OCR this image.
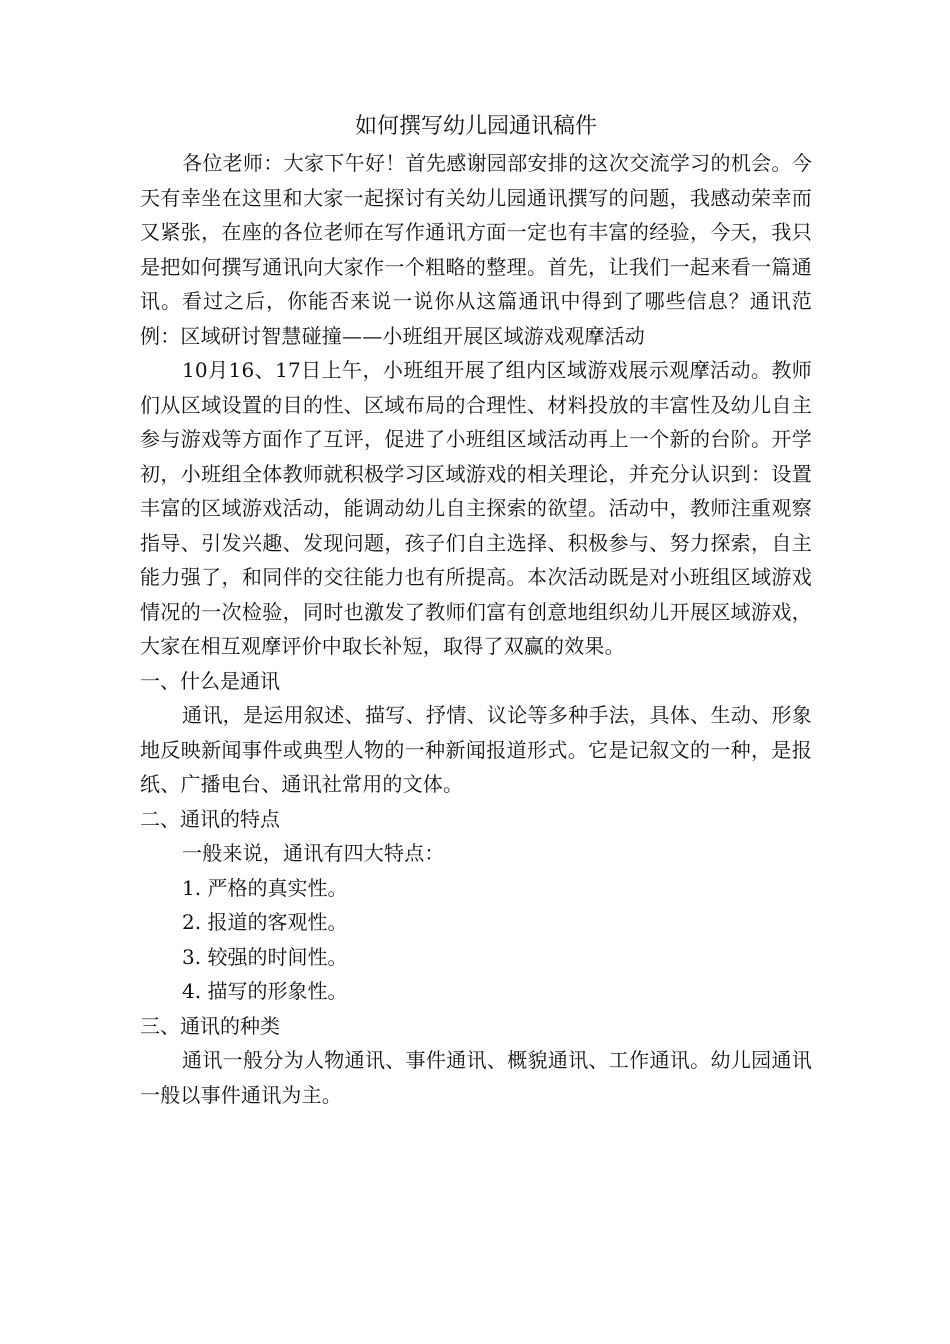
如何撰写幼儿园通讯稿件

各位老师：大家下午好！首先感谢园部安排的这次交流学习的机会。今天有幸坐在这里和大家一起探讨有关幼儿园通讯撰写的问题，我感动荣幸而又紧张，在座的各位老师在写作通讯方面一定也有丰富的经验，今天，我只是把如何撰写通讯向大家作一个粗略的整理。首先，让我们一起来看一篇通讯。看过之后，你能否来说一说你从这篇通讯中得到了哪些信息？通讯范例：区域研讨智慧碰撞——小班组开展区域游戏观摩活动

10月16、17日上午，小班组开展了组内区域游戏展示观摩活动。教师们从区域设置的目的性、区域布局的合理性、材料投放的丰富性及幼儿自主参与游戏等方面作了互评，促进了小班组区域活动再上一个新的台阶。开学初，小班组全体教师就积极学习区域游戏的相关理论，并充分认识到：设置丰富的区域游戏活动，能调动幼儿自主探索的欲望。活动中，教师注重观察指导、引发兴趣、发现问题，孩子们自主选择、积极参与、努力探索，自主能力强了，和同伴的交往能力也有所提高。本次活动既是对小班组区域游戏情况的一次检验，同时也激发了教师们富有创意地组织幼儿开展区域游戏，大家在相互观摩评价中取长补短，取得了双赢的效果。

一、什么是通讯

通讯，是运用叙述、描写、抒情、议论等多种手法，具体、生动、形象地反映新闻事件或典型人物的一种新闻报道形式。它是记叙文的一种，是报纸、广播电台、通讯社常用的文体。

二、通讯的特点

一般来说，通讯有四大特点：

1. 严格的真实性。
2. 报道的客观性。
3. 较强的时间性。
4. 描写的形象性。

三、通讯的种类

通讯一般分为人物通讯、事件通讯、概貌通讯、工作通讯。幼儿园通讯一般以事件通讯为主。
